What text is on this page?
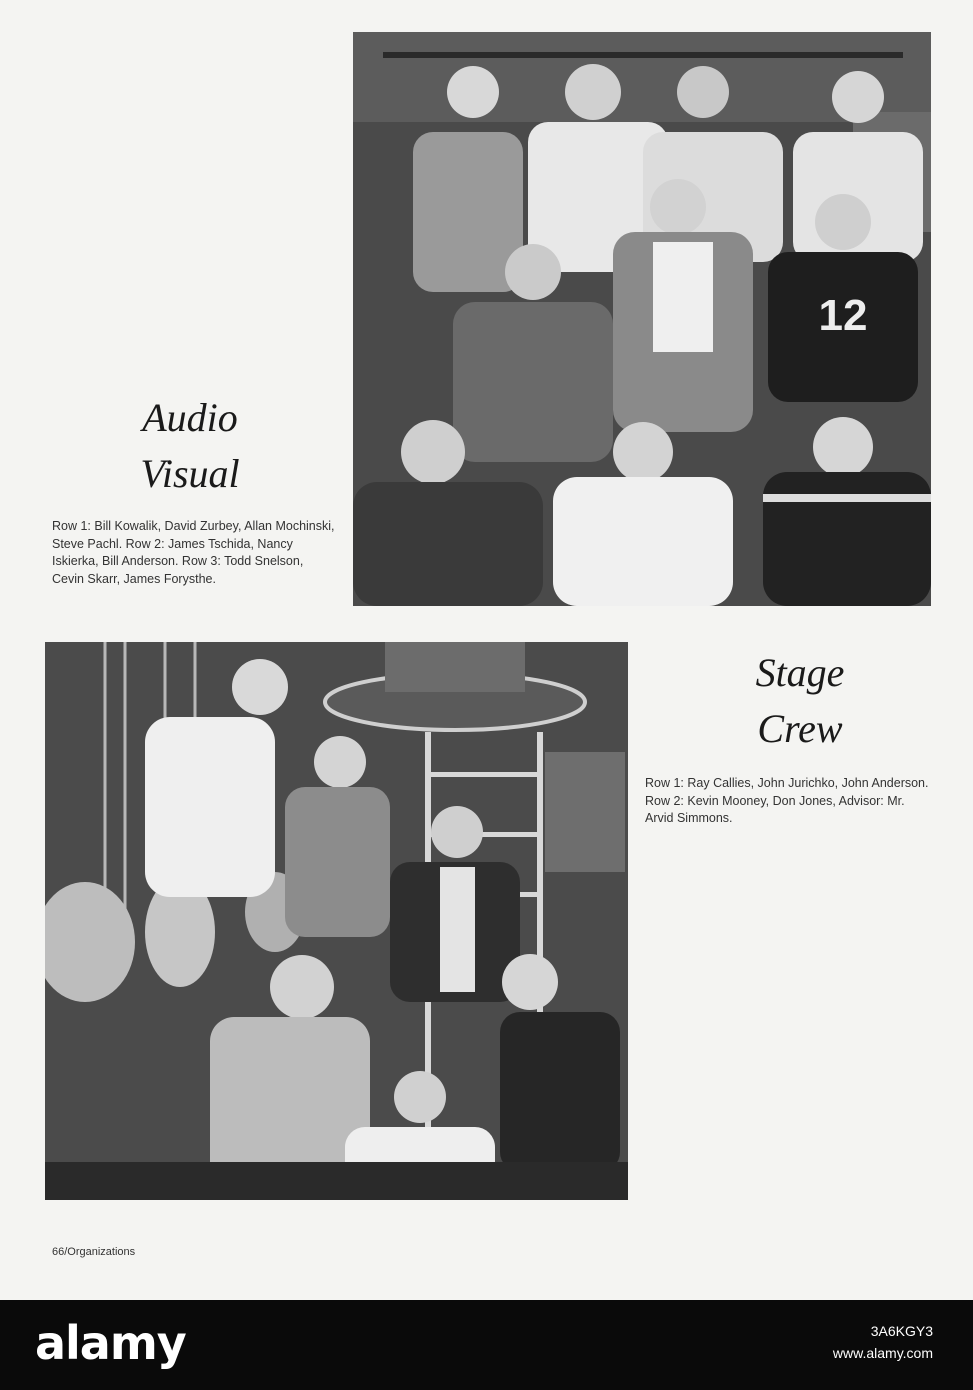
12
Audio
Visual
Row 1: Bill Kowalik, David Zurbey, Allan Mochinski, Steve Pachl. Row 2: James Tschida, Nancy Iskierka, Bill Anderson. Row 3: Todd Snelson, Cevin Skarr, James Forysthe.
Stage
Crew
Row 1: Ray Callies, John Jurichko, John Anderson. Row 2: Kevin Mooney, Don Jones, Advisor: Mr. Arvid Simmons.
66/Organizations
alamy	3A6KGY3
www.alamy.com
